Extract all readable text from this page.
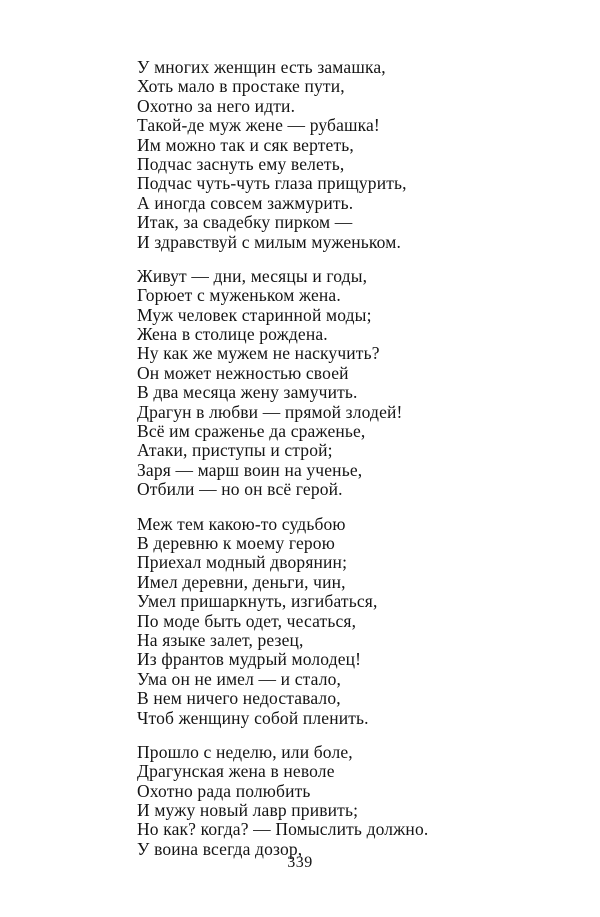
У многих женщин есть замашка,
Хоть мало в простаке пути,
Охотно за него идти.
Такой-де муж жене — рубашка!
Им можно так и сяк вертеть,
Подчас заснуть ему велеть,
Подчас чуть-чуть глаза прищурить,
А иногда совсем зажмурить.
Итак, за свадебку пирком —
И здравствуй с милым муженьком.
Живут — дни, месяцы и годы,
Горюет с муженьком жена.
Муж человек старинной моды;
Жена в столице рождена.
Ну как же мужем не наскучить?
Он может нежностью своей
В два месяца жену замучить.
Драгун в любви — прямой злодей!
Всё им сраженье да сраженье,
Атаки, приступы и строй;
Заря — марш воин на ученье,
Отбили — но он всё герой.
Меж тем какою-то судьбою
В деревню к моему герою
Приехал модный дворянин;
Имел деревни, деньги, чин,
Умел пришаркнуть, изгибаться,
По моде быть одет, чесаться,
На языке залет, резец,
Из франтов мудрый молодец!
Ума он не имел — и стало,
В нем ничего недоставало,
Чтоб женщину собой пленить.
Прошло с неделю, или боле,
Драгунская жена в неволе
Охотно рада полюбить
И мужу новый лавр привить;
Но как? когда? — Помыслить должно.
У воина всегда дозор,
339
